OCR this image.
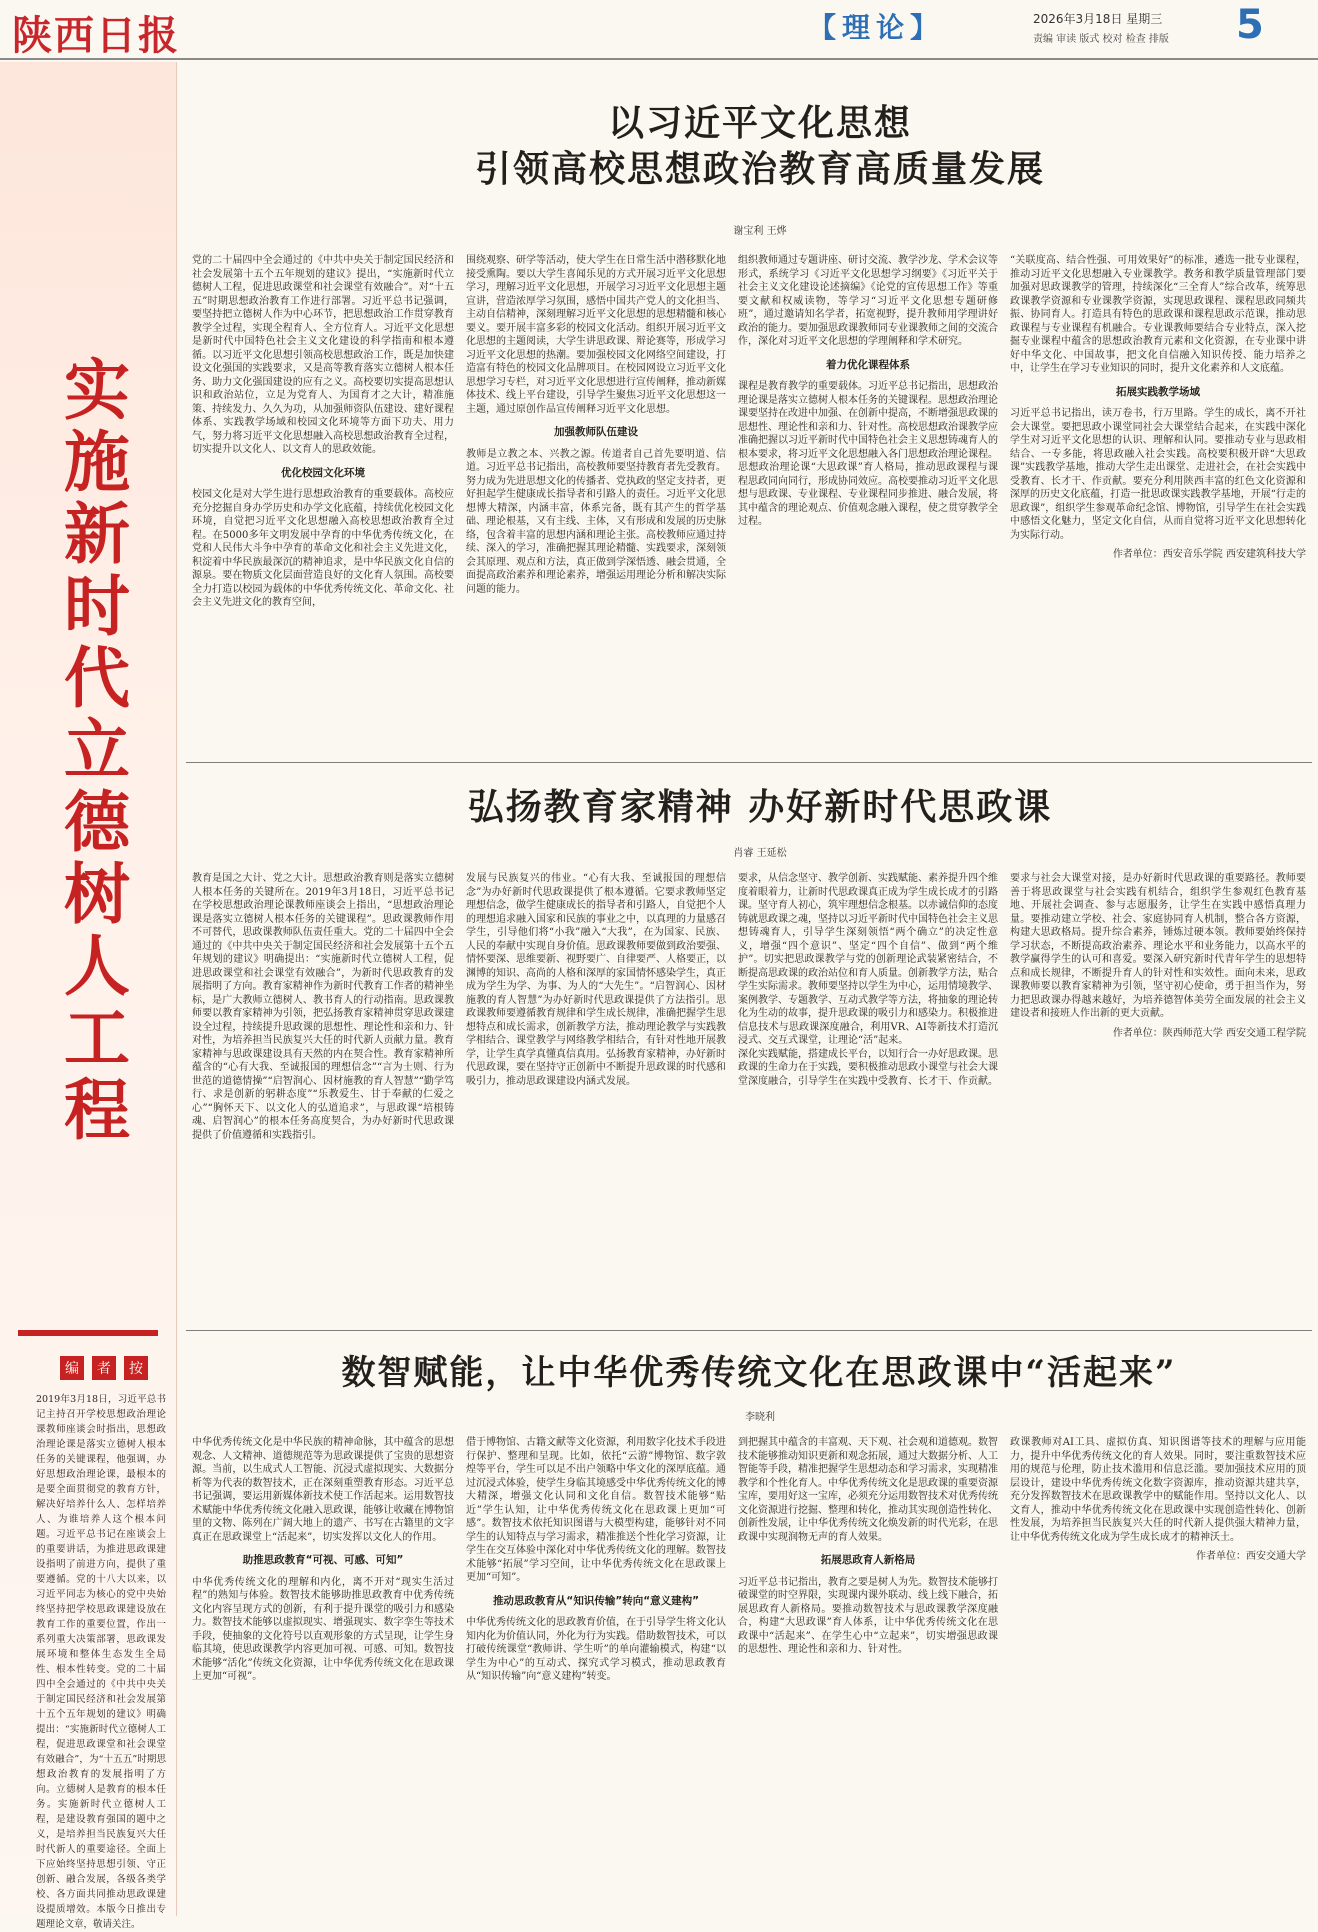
陕西日报	【理论】	2026年3月18日 星期三
责编 审读 版式 校对 检查 排版 5
实施新时代立德树人工程
编 者 按
2019年3月18日，习近平总书记主持召开学校思想政治理论课教师座谈会时指出，思想政治理论课是落实立德树人根本任务的关键课程，他强调，办好思想政治理论课，最根本的是要全面贯彻党的教育方针，解决好培养什么人、怎样培养人、为谁培养人这个根本问题。习近平总书记在座谈会上的重要讲话，为推进思政课建设指明了前进方向，提供了重要遵循。党的十八大以来，以习近平同志为核心的党中央始终坚持把学校思政课建设放在教育工作的重要位置，作出一系列重大决策部署，思政课发展环境和整体生态发生全局性、根本性转变。党的二十届四中全会通过的《中共中央关于制定国民经济和社会发展第十五个五年规划的建议》明确提出：“实施新时代立德树人工程，促进思政课堂和社会课堂有效融合”，为“十五五”时期思想政治教育的发展指明了方向。立德树人是教育的根本任务。实施新时代立德树人工程，是建设教育强国的题中之义，是培养担当民族复兴大任时代新人的重要途径。全面上下应始终坚持思想引领、守正创新、融合发展，各级各类学校、各方面共同推动思政课建设提质增效。本版今日推出专题理论文章，敬请关注。
以习近平文化思想
引领高校思想政治教育高质量发展
谢宝利 王烨
党的二十届四中全会通过的《中共中央关于制定国民经济和社会发展第十五个五年规划的建议》提出，“实施新时代立德树人工程，促进思政课堂和社会课堂有效融合”。对“十五五”时期思想政治教育工作进行部署。习近平总书记强调，要坚持把立德树人作为中心环节，把思想政治工作贯穿教育教学全过程，实现全程育人、全方位育人。习近平文化思想是新时代中国特色社会主义文化建设的科学指南和根本遵循。以习近平文化思想引领高校思想政治工作，既是加快建设文化强国的实践要求，又是高等教育落实立德树人根本任务、助力文化强国建设的应有之义。高校要切实提高思想认识和政治站位，立足为党育人、为国育才之大计，精准施策、持续发力、久久为功，从加强师资队伍建设、建好课程体系、实践教学场域和校园文化环境等方面下功夫、用力气，努力将习近平文化思想融入高校思想政治教育全过程，切实提升以文化人、以文育人的思政效能。
优化校园文化环境
校园文化是对大学生进行思想政治教育的重要载体。高校应充分挖掘自身办学历史和办学文化底蕴，持续优化校园文化环境，自觉把习近平文化思想融入高校思想政治教育全过程。在5000多年文明发展中孕育的中华优秀传统文化，在党和人民伟大斗争中孕育的革命文化和社会主义先进文化，积淀着中华民族最深沉的精神追求，是中华民族文化自信的源泉。要在物质文化层面营造良好的文化育人氛围。高校要全力打造以校园为载体的中华优秀传统文化、革命文化、社会主义先进文化的教育空间，
围绕观察、研学等活动，使大学生在日常生活中潜移默化地接受熏陶。要以大学生喜闻乐见的方式开展习近平文化思想学习，理解习近平文化思想，开展学习习近平文化思想主题宣讲，营造浓厚学习氛围，感悟中国共产党人的文化担当、主动自信精神，深刻理解习近平文化思想的思想精髓和核心要义。要开展丰富多彩的校园文化活动。组织开展习近平文化思想的主题阅读，大学生讲思政课、辩论赛等，形成学习习近平文化思想的热潮。要加强校园文化网络空间建设，打造富有特色的校园文化品牌项目。在校园网设立习近平文化思想学习专栏，对习近平文化思想进行宣传阐释，推动新媒体技术、线上平台建设，引导学生聚焦习近平文化思想这一主题，通过原创作品宣传阐释习近平文化思想。
加强教师队伍建设
教师是立教之本、兴教之源。传道者自己首先要明道、信道。习近平总书记指出，高校教师要坚持教育者先受教育。努力成为先进思想文化的传播者、党执政的坚定支持者，更好担起学生健康成长指导者和引路人的责任。习近平文化思想博大精深，内涵丰富，体系完备，既有其产生的哲学基础、理论根基，又有主线、主体，又有形成和发展的历史脉络，包含着丰富的思想内涵和理论主张。高校教师应通过持续、深入的学习，准确把握其理论精髓、实践要求，深刻领会其原理、观点和方法，真正做到学深悟透、融会贯通，全面提高政治素养和理论素养，增强运用理论分析和解决实际问题的能力。
组织教师通过专题讲座、研讨交流、教学沙龙、学术会议等形式，系统学习《习近平文化思想学习纲要》《习近平关于社会主义文化建设论述摘编》《论党的宣传思想工作》等重要文献和权威读物，等学习“习近平文化思想专题研修班”，通过邀请知名学者，拓宽视野，提升教师用学理讲好政治的能力。要加强思政课教师同专业课教师之间的交流合作，深化对习近平文化思想的学理阐释和学术研究。
着力优化课程体系
课程是教育教学的重要载体。习近平总书记指出，思想政治理论课是落实立德树人根本任务的关键课程。思想政治理论课要坚持在改进中加强、在创新中提高，不断增强思政课的思想性、理论性和亲和力、针对性。高校思想政治课教学应准确把握以习近平新时代中国特色社会主义思想铸魂育人的根本要求，将习近平文化思想融入各门思想政治理论课程。思想政治理论课“大思政课”育人格局，推动思政课程与课程思政同向同行，形成协同效应。高校要推动习近平文化思想与思政课、专业课程、专业课程同步推进、融合发展，将其中蕴含的理论观点、价值观念融入课程，使之贯穿教学全过程。
“关联度高、结合性强、可用效果好”的标准，遴选一批专业课程，推动习近平文化思想融入专业课教学。教务和教学质量管理部门要加强对思政课教学的管理，持续深化“三全育人”综合改革，统筹思政课教学资源和专业课教学资源，实现思政课程、课程思政同频共振、协同育人。打造具有特色的思政课和课程思政示范课，推动思政课程与专业课程有机融合。专业课教师要结合专业特点，深入挖掘专业课程中蕴含的思想政治教育元素和文化资源，在专业课中讲好中华文化、中国故事，把文化自信融入知识传授、能力培养之中，让学生在学习专业知识的同时，提升文化素养和人文底蕴。
拓展实践教学场域
习近平总书记指出，读万卷书，行万里路。学生的成长，离不开社会大课堂。要把思政小课堂同社会大课堂结合起来，在实践中深化学生对习近平文化思想的认识、理解和认同。要推动专业与思政相结合、一专多能，将思政融入社会实践。高校要积极开辟“大思政课”实践教学基地，推动大学生走出课堂、走进社会，在社会实践中受教育、长才干、作贡献。要充分利用陕西丰富的红色文化资源和深厚的历史文化底蕴，打造一批思政课实践教学基地，开展“行走的思政课”，组织学生参观革命纪念馆、博物馆，引导学生在社会实践中感悟文化魅力，坚定文化自信，从而自觉将习近平文化思想转化为实际行动。
作者单位：西安音乐学院 西安建筑科技大学
弘扬教育家精神 办好新时代思政课
肖睿 王延松
教育是国之大计、党之大计。思想政治教育则是落实立德树人根本任务的关键所在。2019年3月18日，习近平总书记在学校思想政治理论课教师座谈会上指出，“思想政治理论课是落实立德树人根本任务的关键课程”。思政课教师作用不可替代，思政课教师队伍责任重大。党的二十届四中全会通过的《中共中央关于制定国民经济和社会发展第十五个五年规划的建议》明确提出：“实施新时代立德树人工程，促进思政课堂和社会课堂有效融合”，为新时代思政教育的发展指明了方向。教育家精神作为新时代教育工作者的精神坐标，是广大教师立德树人、教书育人的行动指南。思政课教师要以教育家精神为引领，把弘扬教育家精神贯穿思政课建设全过程，持续提升思政课的思想性、理论性和亲和力、针对性，为培养担当民族复兴大任的时代新人贡献力量。教育家精神与思政课建设具有天然的内在契合性。教育家精神所蕴含的“心有大我、至诚报国的理想信念”“言为士则、行为世范的道德情操”“启智润心、因材施教的育人智慧”“勤学笃行、求是创新的躬耕态度”“乐教爱生、甘于奉献的仁爱之心”“胸怀天下、以文化人的弘道追求”，与思政课“培根铸魂、启智润心”的根本任务高度契合，为办好新时代思政课提供了价值遵循和实践指引。
发展与民族复兴的伟业。“心有大我、至诚报国的理想信念”为办好新时代思政课提供了根本遵循。它要求教师坚定理想信念，做学生健康成长的指导者和引路人，自觉把个人的理想追求融入国家和民族的事业之中，以真理的力量感召学生，引导他们将“小我”融入“大我”，在为国家、民族、人民的奉献中实现自身价值。思政课教师要做到政治要强、情怀要深、思维要新、视野要广、自律要严、人格要正，以渊博的知识、高尚的人格和深厚的家国情怀感染学生，真正成为学生为学、为事、为人的“大先生”。“启智润心、因材施教的育人智慧”为办好新时代思政课提供了方法指引。思政课教师要遵循教育规律和学生成长规律，准确把握学生思想特点和成长需求，创新教学方法，推动理论教学与实践教学相结合、课堂教学与网络教学相结合，有针对性地开展教学，让学生真学真懂真信真用。弘扬教育家精神，办好新时代思政课，要在坚持守正创新中不断提升思政课的时代感和吸引力，推动思政课建设内涵式发展。
要求，从信念坚守、教学创新、实践赋能、素养提升四个维度着眼着力，让新时代思政课真正成为学生成长成才的引路课。坚守育人初心，筑牢理想信念根基。以赤诚信仰的态度铸就思政课之魂，坚持以习近平新时代中国特色社会主义思想铸魂育人，引导学生深刻领悟“两个确立”的决定性意义，增强“四个意识”、坚定“四个自信”、做到“两个维护”。切实把思政课教学与党的创新理论武装紧密结合，不断提高思政课的政治站位和育人质量。创新教学方法，贴合学生实际需求。教师要坚持以学生为中心，运用情境教学、案例教学、专题教学、互动式教学等方法，将抽象的理论转化为生动的故事，提升思政课的吸引力和感染力。积极推进信息技术与思政课深度融合，利用VR、AI等新技术打造沉浸式、交互式课堂，让理论“活”起来。
深化实践赋能，搭建成长平台，以知行合一办好思政课。思政课的生命力在于实践，要积极推动思政小课堂与社会大课堂深度融合，引导学生在实践中受教育、长才干、作贡献。
要求与社会大课堂对接，是办好新时代思政课的重要路径。教师要善于将思政课堂与社会实践有机结合，组织学生参观红色教育基地、开展社会调查、参与志愿服务，让学生在实践中感悟真理力量。要推动建立学校、社会、家庭协同育人机制，整合各方资源，构建大思政格局。提升综合素养，锤炼过硬本领。教师要始终保持学习状态，不断提高政治素养、理论水平和业务能力，以高水平的教学赢得学生的认可和喜爱。要深入研究新时代青年学生的思想特点和成长规律，不断提升育人的针对性和实效性。面向未来，思政课教师要以教育家精神为引领，坚守初心使命，勇于担当作为，努力把思政课办得越来越好，为培养德智体美劳全面发展的社会主义建设者和接班人作出新的更大贡献。
作者单位：陕西师范大学 西安交通工程学院
数智赋能，让中华优秀传统文化在思政课中“活起来”
李晓利
中华优秀传统文化是中华民族的精神命脉，其中蕴含的思想观念、人文精神、道德规范等为思政课提供了宝贵的思想资源。当前，以生成式人工智能、沉浸式虚拟现实、大数据分析等为代表的数智技术，正在深刻重塑教育形态。习近平总书记强调，要运用新媒体新技术使工作活起来。运用数智技术赋能中华优秀传统文化融入思政课，能够让收藏在博物馆里的文物、陈列在广阔大地上的遗产、书写在古籍里的文字真正在思政课堂上“活起来”，切实发挥以文化人的作用。
助推思政教育“可视、可感、可知”
中华优秀传统文化的理解和内化，离不开对“现实生活过程”的熟知与体验。数智技术能够助推思政教育中优秀传统文化内容呈现方式的创新，有利于提升课堂的吸引力和感染力。数智技术能够以虚拟现实、增强现实、数字孪生等技术手段，使抽象的文化符号以直观形象的方式呈现，让学生身临其境，使思政课教学内容更加可视、可感、可知。数智技术能够“活化”传统文化资源，让中华优秀传统文化在思政课上更加“可视”。
借于博物馆、古籍文献等文化资源，利用数字化技术手段进行保护、整理和呈现。比如，依托“云游”博物馆、数字敦煌等平台，学生可以足不出户领略中华文化的深厚底蕴。通过沉浸式体验，使学生身临其境感受中华优秀传统文化的博大精深，增强文化认同和文化自信。数智技术能够“贴近”学生认知，让中华优秀传统文化在思政课上更加“可感”。数智技术依托知识图谱与大模型构建，能够针对不同学生的认知特点与学习需求，精准推送个性化学习资源，让学生在交互体验中深化对中华优秀传统文化的理解。数智技术能够“拓展”学习空间，让中华优秀传统文化在思政课上更加“可知”。
推动思政教育从“知识传输”转向“意义建构”
中华优秀传统文化的思政教育价值，在于引导学生将文化认知内化为价值认同，外化为行为实践。借助数智技术，可以打破传统课堂“教师讲、学生听”的单向灌输模式，构建“以学生为中心”的互动式、探究式学习模式，推动思政教育从“知识传输”向“意义建构”转变。
到把握其中蕴含的丰富观、天下观、社会观和道德观。数智技术能够推动知识更新和观念拓展，通过大数据分析、人工智能等手段，精准把握学生思想动态和学习需求，实现精准教学和个性化育人。中华优秀传统文化是思政课的重要资源宝库，要用好这一宝库，必须充分运用数智技术对优秀传统文化资源进行挖掘、整理和转化，推动其实现创造性转化、创新性发展，让中华优秀传统文化焕发新的时代光彩，在思政课中实现润物无声的育人效果。
拓展思政育人新格局
习近平总书记指出，教育之要是树人为先。数智技术能够打破课堂的时空界限，实现课内课外联动、线上线下融合，拓展思政育人新格局。要推动数智技术与思政课教学深度融合，构建“大思政课”育人体系，让中华优秀传统文化在思政课中“活起来”、在学生心中“立起来”，切实增强思政课的思想性、理论性和亲和力、针对性。
政课教师对AI工具、虚拟仿真、知识图谱等技术的理解与应用能力，提升中华优秀传统文化的育人效果。同时，要注重数智技术应用的规范与伦理，防止技术滥用和信息泛滥。要加强技术应用的顶层设计，建设中华优秀传统文化数字资源库，推动资源共建共享，充分发挥数智技术在思政课教学中的赋能作用。坚持以文化人、以文育人，推动中华优秀传统文化在思政课中实现创造性转化、创新性发展，为培养担当民族复兴大任的时代新人提供强大精神力量，让中华优秀传统文化成为学生成长成才的精神沃土。
作者单位：西安交通大学
